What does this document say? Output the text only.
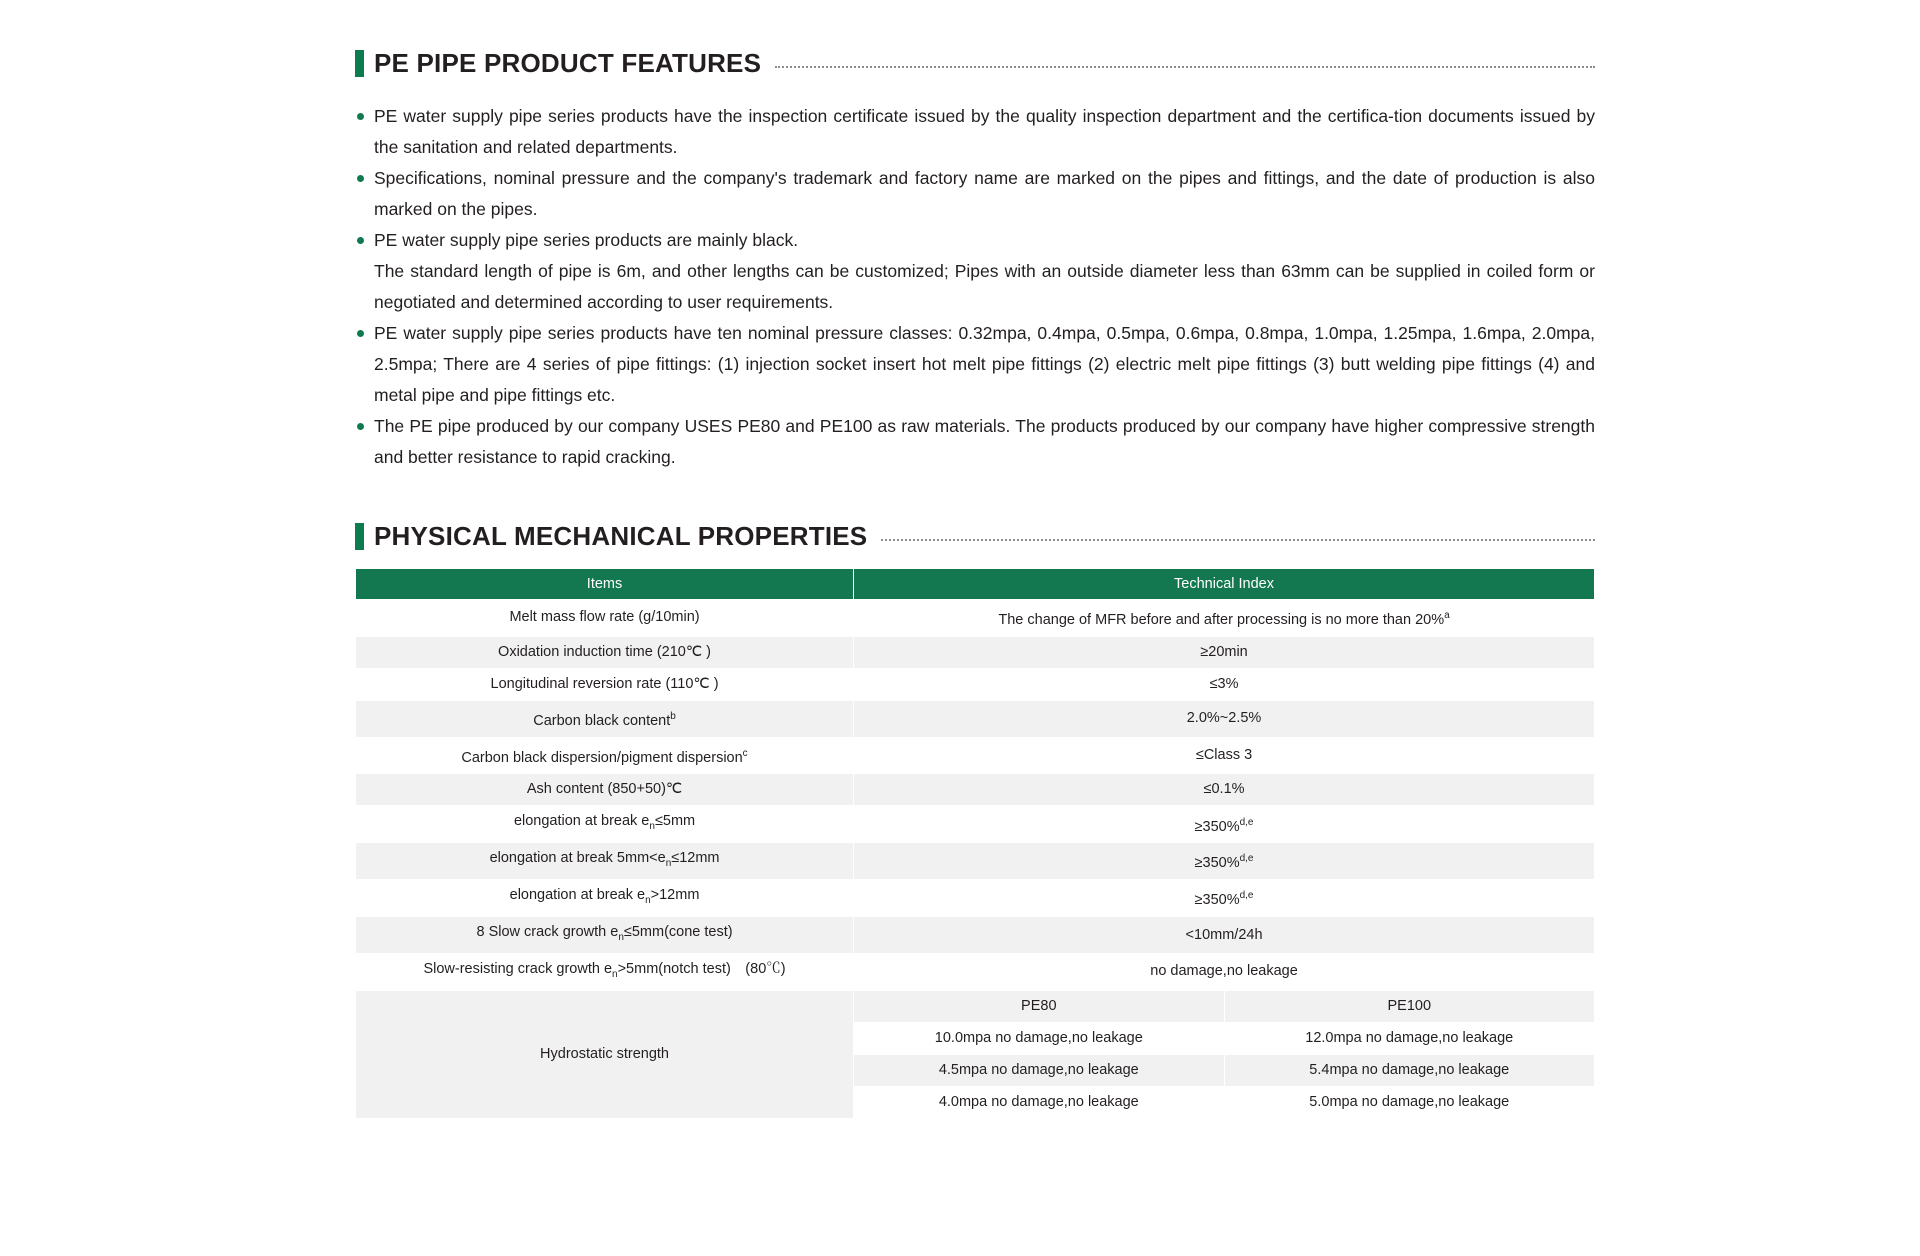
PE PIPE PRODUCT FEATURES
PE water supply pipe series products have the inspection certificate issued by the quality inspection department and the certifica-tion documents issued by the sanitation and related departments.
Specifications, nominal pressure and the company's trademark and factory name are marked on the pipes and fittings, and the date of production is also marked on the pipes.
PE water supply pipe series products are mainly black.
The standard length of pipe is 6m, and other lengths can be customized; Pipes with an outside diameter less than 63mm can be supplied in coiled form or negotiated and determined according to user requirements.
PE water supply pipe series products have ten nominal pressure classes: 0.32mpa, 0.4mpa, 0.5mpa, 0.6mpa, 0.8mpa, 1.0mpa, 1.25mpa, 1.6mpa, 2.0mpa, 2.5mpa; There are 4 series of pipe fittings: (1) injection socket insert hot melt pipe fittings (2) electric melt pipe fittings (3) butt welding pipe fittings (4) and metal pipe and pipe fittings etc.
The PE pipe produced by our company USES PE80 and PE100 as raw materials. The products produced by our company have higher compressive strength and better resistance to rapid cracking.
PHYSICAL MECHANICAL PROPERTIES
Items	Technical Index	
Melt mass flow rate (g/10min)	The change of MFR before and after processing is no more than 20%$^a$
Oxidation induction time (210℃ )	≥20min	
Longitudinal reversion rate (110℃ )	≤3%	
Carbon black content$^b$	2.0%~2.5%	
Carbon black dispersion/pigment dispersion$^c$	≤Class 3	
Ash content (850+50)℃	≤0.1%	
elongation at break $e_n\le 5mm$	≥350%$^{d,e}$
elongation at break $5mm<e_n\le 12mm$	≥350%$^{d,e}$
elongation at break $e_n>12mm$	≥350%$^{d,e}$
8 Slow crack growth $e_n\le 5mm(cone$ test)	<10mm/24h	
Slow-resisting crack growth $e_n>5mm(notch$ test)　(80℃)	no damage,no leakage	
Hydrostatic strength	PE80	PE100
	10.0mpa no damage,no leakage	12.0mpa no damage,no leakage
	4.5mpa no damage,no leakage	5.4mpa no damage,no leakage
	4.0mpa no damage,no leakage	5.0mpa no damage,no leakage
